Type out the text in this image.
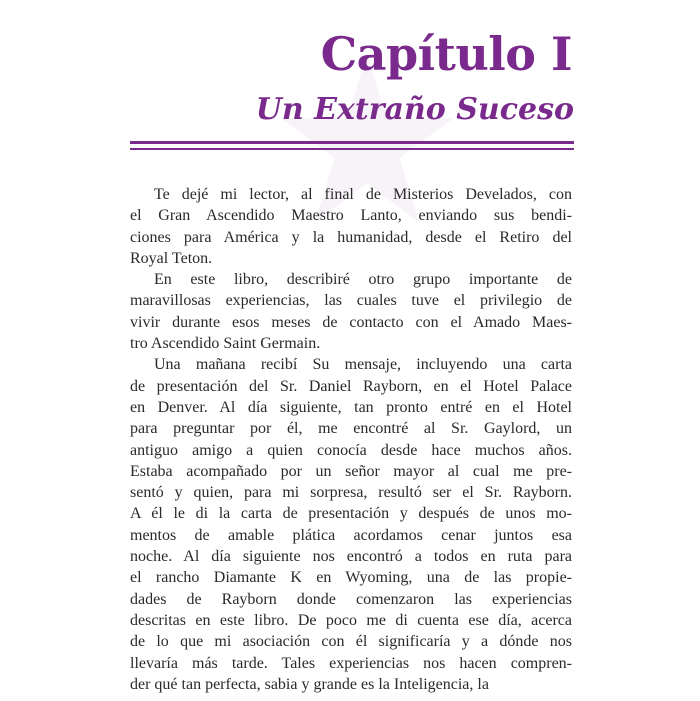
Capítulo I
Un Extraño Suceso

Te dejé mi lector, al final de Misterios Develados, con
el Gran Ascendido Maestro Lanto, enviando sus bendi-
ciones para América y la humanidad, desde el Retiro del
Royal Teton.

En este libro, describiré otro grupo importante de
maravillosas experiencias, las cuales tuve el privilegio de
vivir durante esos meses de contacto con el Amado Maes-
tro Ascendido Saint Germain.

Una mañana recibí Su mensaje, incluyendo una carta
de presentación del Sr. Daniel Rayborn, en el Hotel Palace
en Denver. Al día siguiente, tan pronto entré en el Hotel
para preguntar por él, me encontré al Sr. Gaylord, un
antiguo amigo a quien conocía desde hace muchos años.
Estaba acompañado por un señor mayor al cual me pre-
sentó y quien, para mi sorpresa, resultó ser el Sr. Rayborn.
A él le di la carta de presentación y después de unos mo-
mentos de amable plática acordamos cenar juntos esa
noche. Al día siguiente nos encontró a todos en ruta para
el rancho Diamante K en Wyoming, una de las propie-
dades de Rayborn donde comenzaron las experiencias
descritas en este libro. De poco me di cuenta ese día, acerca
de lo que mi asociación con él significaría y a dónde nos
llevaría más tarde. Tales experiencias nos hacen compren-
der qué tan perfecta, sabia y grande es la Inteligencia, la
